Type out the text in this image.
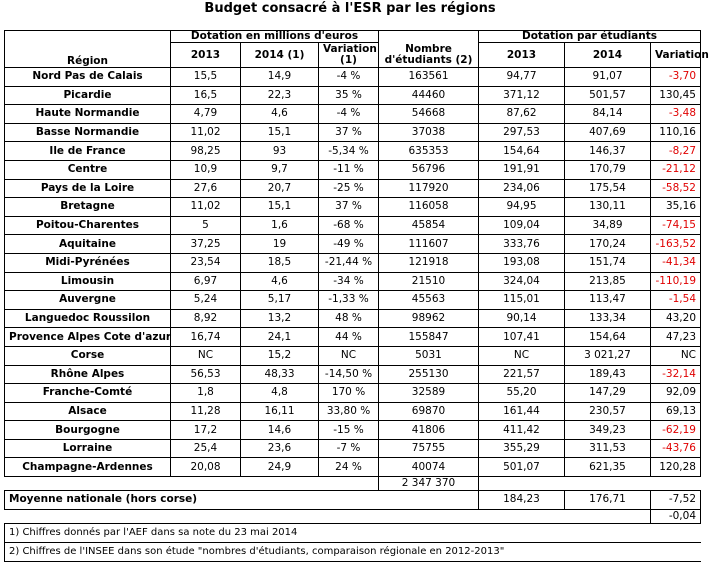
Budget consacré à l'ESR par les régions
	Dotation en millions d'euros				Dotation par étudiants		
Région	2013	2014 (1)	Variation (1)	Nombre d'étudiants (2)	2013	2014	Variation
Nord Pas de Calais	15,5	14,9	-4 %	163561	94,77	91,07	-3,70
Picardie	16,5	22,3	35 %	44460	371,12	501,57	130,45
Haute Normandie	4,79	4,6	-4 %	54668	87,62	84,14	-3,48
Basse Normandie	11,02	15,1	37 %	37038	297,53	407,69	110,16
Ile de France	98,25	93	-5,34 %	635353	154,64	146,37	-8,27
Centre	10,9	9,7	-11 %	56796	191,91	170,79	-21,12
Pays de la Loire	27,6	20,7	-25 %	117920	234,06	175,54	-58,52
Bretagne	11,02	15,1	37 %	116058	94,95	130,11	35,16
Poitou-Charentes	5	1,6	-68 %	45854	109,04	34,89	-74,15
Aquitaine	37,25	19	-49 %	111607	333,76	170,24	-163,52
Midi-Pyrénées	23,54	18,5	-21,44 %	121918	193,08	151,74	-41,34
Limousin	6,97	4,6	-34 %	21510	324,04	213,85	-110,19
Auvergne	5,24	5,17	-1,33 %	45563	115,01	113,47	-1,54
Languedoc Roussilon	8,92	13,2	48 %	98962	90,14	133,34	43,20
Provence Alpes Cote d'azur	16,74	24,1	44 %	155847	107,41	154,64	47,23
Corse	NC	15,2	NC	5031	NC	3 021,27	NC
Rhône Alpes	56,53	48,33	-14,50 %	255130	221,57	189,43	-32,14
Franche-Comté	1,8	4,8	170 %	32589	55,20	147,29	92,09
Alsace	11,28	16,11	33,80 %	69870	161,44	230,57	69,13
Bourgogne	17,2	14,6	-15 %	41806	411,42	349,23	-62,19
Lorraine	25,4	23,6	-7 %	75755	355,29	311,53	-43,76
Champagne-Ardennes	20,08	24,9	24 %	40074	501,07	621,35	120,28
				2 347 370			
Moyenne nationale (hors corse)					184,23	176,71	-7,52
							-0,04
1) Chiffres donnés par l'AEF dans sa note du 23 mai 2014							
2) Chiffres de l'INSEE dans son étude "nombres d'étudiants, comparaison régionale en 2012-2013"							
